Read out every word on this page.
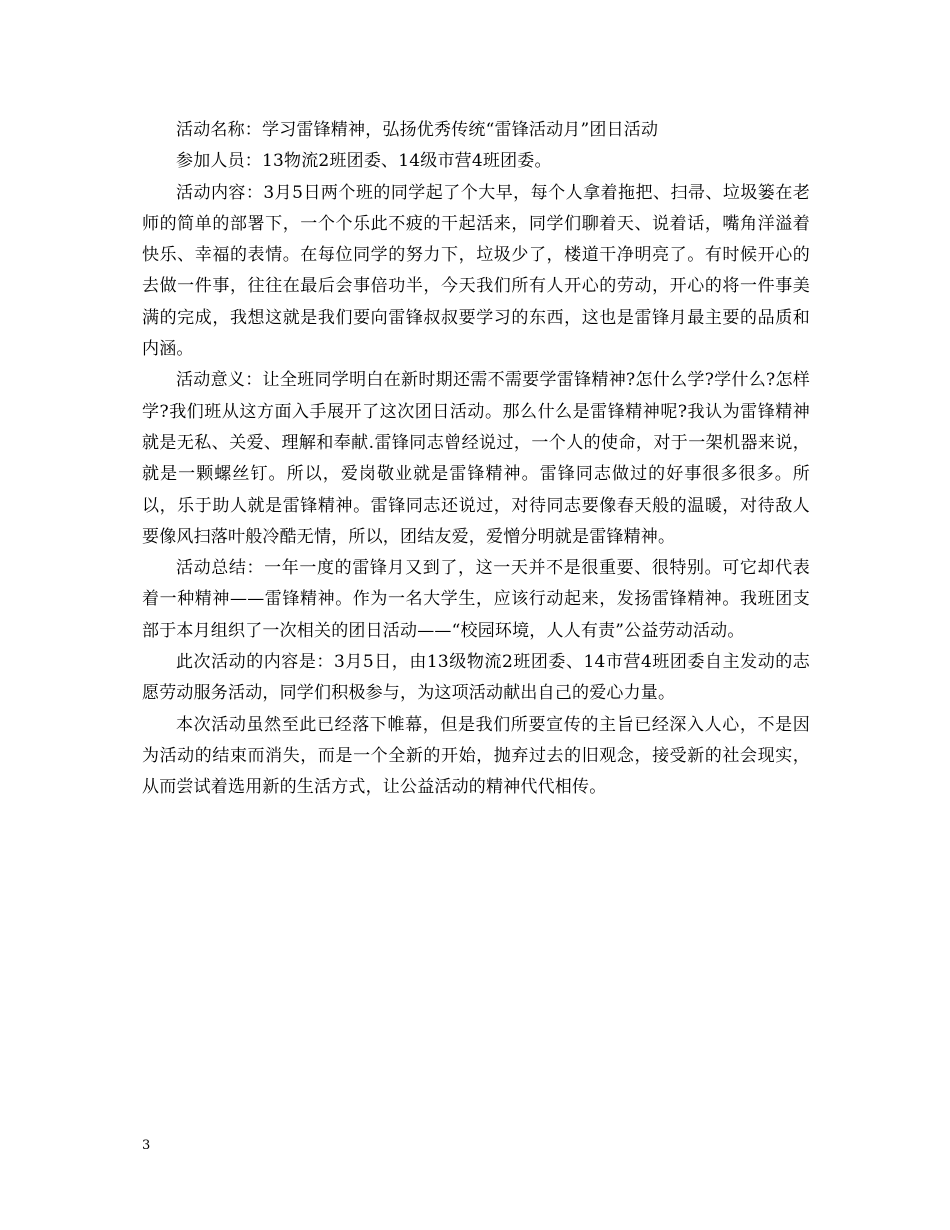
活动名称：学习雷锋精神，弘扬优秀传统“雷锋活动月”团日活动

参加人员：13物流2班团委、14级市营4班团委。

活动内容：3月5日两个班的同学起了个大早，每个人拿着拖把、扫帚、垃圾篓在老师的简单的部署下，一个个乐此不疲的干起活来，同学们聊着天、说着话，嘴角洋溢着快乐、幸福的表情。在每位同学的努力下，垃圾少了，楼道干净明亮了。有时候开心的去做一件事，往往在最后会事倍功半，今天我们所有人开心的劳动，开心的将一件事美满的完成，我想这就是我们要向雷锋叔叔要学习的东西，这也是雷锋月最主要的品质和内涵。

活动意义：让全班同学明白在新时期还需不需要学雷锋精神?怎什么学?学什么?怎样学?我们班从这方面入手展开了这次团日活动。那么什么是雷锋精神呢?我认为雷锋精神就是无私、关爱、理解和奉献.雷锋同志曾经说过，一个人的使命，对于一架机器来说，就是一颗螺丝钉。所以，爱岗敬业就是雷锋精神。雷锋同志做过的好事很多很多。所以，乐于助人就是雷锋精神。雷锋同志还说过，对待同志要像春天般的温暖，对待敌人要像风扫落叶般冷酷无情，所以，团结友爱，爱憎分明就是雷锋精神。

活动总结：一年一度的雷锋月又到了，这一天并不是很重要、很特别。可它却代表着一种精神——雷锋精神。作为一名大学生，应该行动起来，发扬雷锋精神。我班团支部于本月组织了一次相关的团日活动——“校园环境，人人有责”公益劳动活动。

此次活动的内容是：3月5日，由13级物流2班团委、14市营4班团委自主发动的志愿劳动服务活动，同学们积极参与，为这项活动献出自己的爱心力量。

本次活动虽然至此已经落下帷幕，但是我们所要宣传的主旨已经深入人心，不是因为活动的结束而消失，而是一个全新的开始，抛弃过去的旧观念，接受新的社会现实，从而尝试着选用新的生活方式，让公益活动的精神代代相传。

3
